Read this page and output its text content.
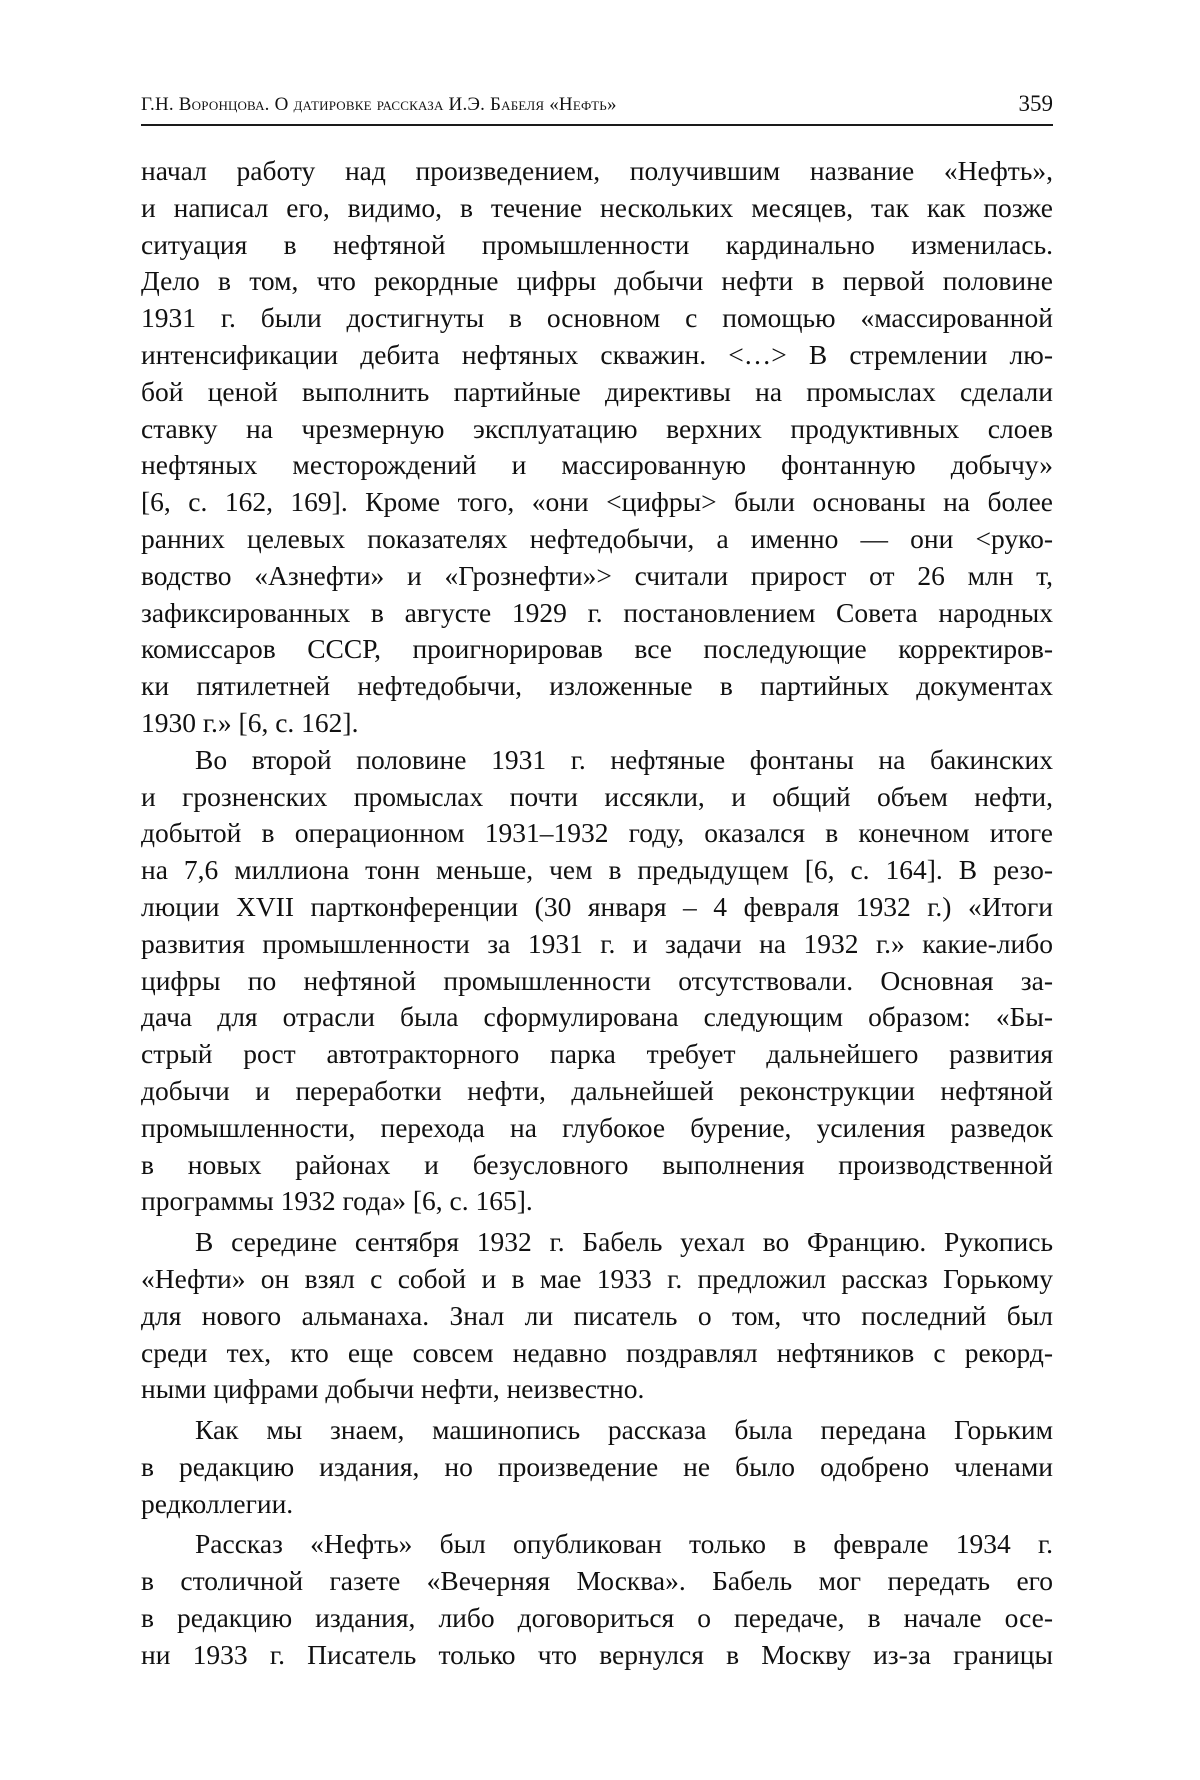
Г.Н. Воронцова. О датировке рассказа И.Э. Бабеля «Нефть»	359
начал работу над произведением, получившим название «Нефть»,
и написал его, видимо, в течение нескольких месяцев, так как позже
ситуация в нефтяной промышленности кардинально изменилась.
Дело в том, что рекордные цифры добычи нефти в первой половине
1931 г. были достигнуты в основном с помощью «массированной
интенсификации дебита нефтяных скважин. <…> В стремлении лю-
бой ценой выполнить партийные директивы на промыслах сделали
ставку на чрезмерную эксплуатацию верхних продуктивных слоев
нефтяных месторождений и массированную фонтанную добычу»
[6, с. 162, 169]. Кроме того, «они <цифры> были основаны на более
ранних целевых показателях нефтедобычи, а именно — они <руко-
водство «Азнефти» и «Грознефти»> считали прирост от 26 млн т,
зафиксированных в августе 1929 г. постановлением Совета народных
комиссаров СССР, проигнорировав все последующие корректиров-
ки пятилетней нефтедобычи, изложенные в партийных документах
1930 г.» [6, с. 162].
Во второй половине 1931 г. нефтяные фонтаны на бакинских
и грозненских промыслах почти иссякли, и общий объем нефти,
добытой в операционном 1931–1932 году, оказался в конечном итоге
на 7,6 миллиона тонн меньше, чем в предыдущем [6, с. 164]. В резо-
люции XVII партконференции (30 января – 4 февраля 1932 г.) «Итоги
развития промышленности за 1931 г. и задачи на 1932 г.» какие-либо
цифры по нефтяной промышленности отсутствовали. Основная за-
дача для отрасли была сформулирована следующим образом: «Бы-
стрый рост автотракторного парка требует дальнейшего развития
добычи и переработки нефти, дальнейшей реконструкции нефтяной
промышленности, перехода на глубокое бурение, усиления разведок
в новых районах и безусловного выполнения производственной
программы 1932 года» [6, с. 165].
В середине сентября 1932 г. Бабель уехал во Францию. Рукопись
«Нефти» он взял с собой и в мае 1933 г. предложил рассказ Горькому
для нового альманаха. Знал ли писатель о том, что последний был
среди тех, кто еще совсем недавно поздравлял нефтяников с рекорд-
ными цифрами добычи нефти, неизвестно.
Как мы знаем, машинопись рассказа была передана Горьким
в редакцию издания, но произведение не было одобрено членами
редколлегии.
Рассказ «Нефть» был опубликован только в феврале 1934 г.
в столичной газете «Вечерняя Москва». Бабель мог передать его
в редакцию издания, либо договориться о передаче, в начале осе-
ни 1933 г. Писатель только что вернулся в Москву из-за границы
